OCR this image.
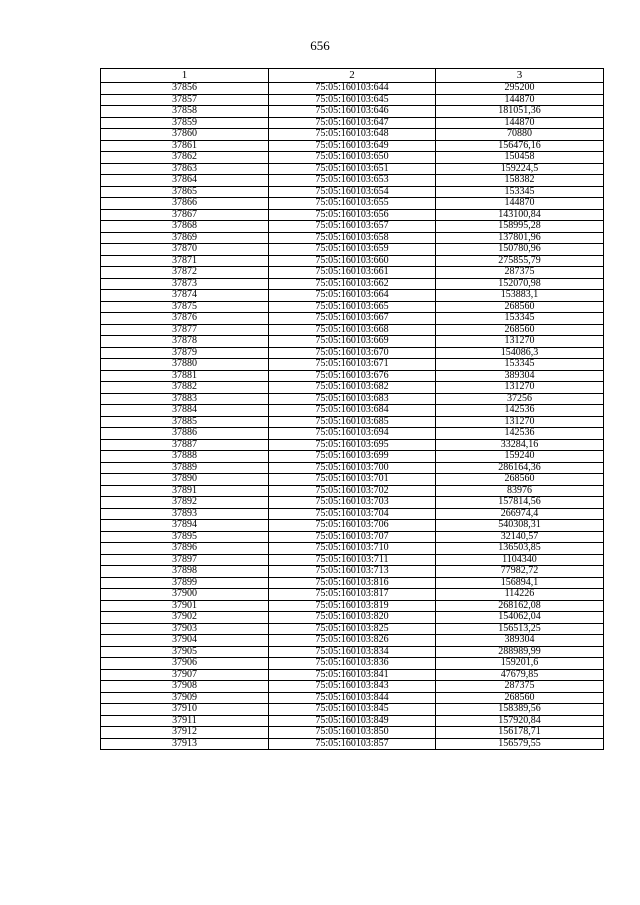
656
1	2	3
37856	75:05:160103:644	295200
37857	75:05:160103:645	144870
37858	75:05:160103:646	181051,36
37859	75:05:160103:647	144870
37860	75:05:160103:648	70880
37861	75:05:160103:649	156476,16
37862	75:05:160103:650	150458
37863	75:05:160103:651	159224,5
37864	75:05:160103:653	158382
37865	75:05:160103:654	153345
37866	75:05:160103:655	144870
37867	75:05:160103:656	143100,84
37868	75:05:160103:657	158995,28
37869	75:05:160103:658	137801,96
37870	75:05:160103:659	150780,96
37871	75:05:160103:660	275855,79
37872	75:05:160103:661	287375
37873	75:05:160103:662	152070,98
37874	75:05:160103:664	153883,1
37875	75:05:160103:665	268560
37876	75:05:160103:667	153345
37877	75:05:160103:668	268560
37878	75:05:160103:669	131270
37879	75:05:160103:670	154086,3
37880	75:05:160103:671	153345
37881	75:05:160103:676	389304
37882	75:05:160103:682	131270
37883	75:05:160103:683	37256
37884	75:05:160103:684	142536
37885	75:05:160103:685	131270
37886	75:05:160103:694	142536
37887	75:05:160103:695	33284,16
37888	75:05:160103:699	159240
37889	75:05:160103:700	286164,36
37890	75:05:160103:701	268560
37891	75:05:160103:702	83976
37892	75:05:160103:703	157814,56
37893	75:05:160103:704	266974,4
37894	75:05:160103:706	540308,31
37895	75:05:160103:707	32140,57
37896	75:05:160103:710	136503,85
37897	75:05:160103:711	1104340
37898	75:05:160103:713	77982,72
37899	75:05:160103:816	156894,1
37900	75:05:160103:817	114226
37901	75:05:160103:819	268162,08
37902	75:05:160103:820	154062,04
37903	75:05:160103:825	156513,25
37904	75:05:160103:826	389304
37905	75:05:160103:834	288989,99
37906	75:05:160103:836	159201,6
37907	75:05:160103:841	47679,85
37908	75:05:160103:843	287375
37909	75:05:160103:844	268560
37910	75:05:160103:845	158389,56
37911	75:05:160103:849	157920,84
37912	75:05:160103:850	156178,71
37913	75:05:160103:857	156579,55
